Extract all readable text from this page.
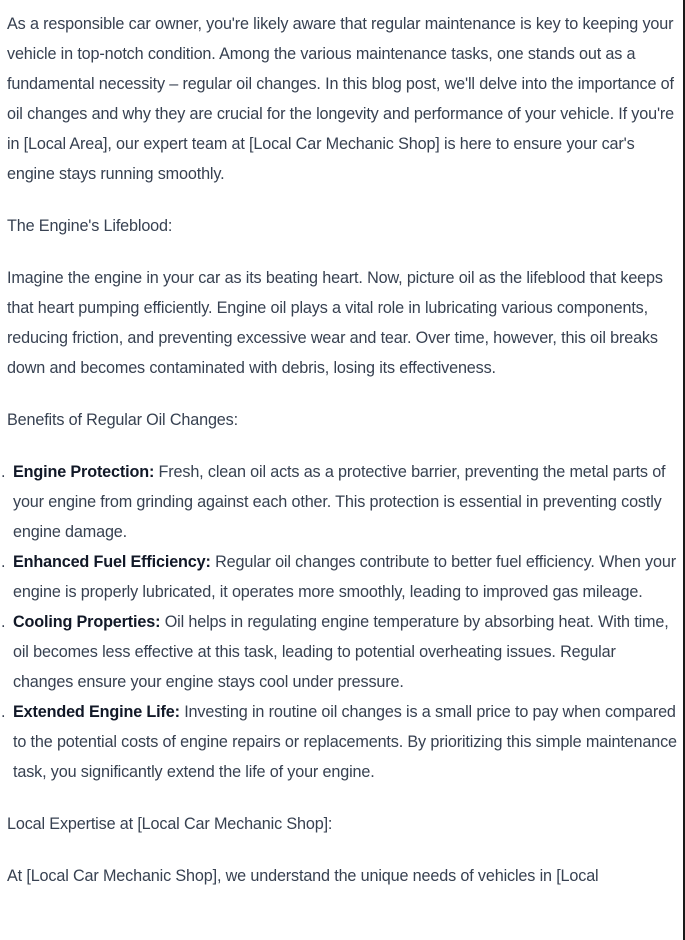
As a responsible car owner, you're likely aware that regular maintenance is key to keeping your vehicle in top-notch condition. Among the various maintenance tasks, one stands out as a fundamental necessity – regular oil changes. In this blog post, we'll delve into the importance of oil changes and why they are crucial for the longevity and performance of your vehicle. If you're in [Local Area], our expert team at [Local Car Mechanic Shop] is here to ensure your car's engine stays running smoothly.

The Engine's Lifeblood:

Imagine the engine in your car as its beating heart. Now, picture oil as the lifeblood that keeps that heart pumping efficiently. Engine oil plays a vital role in lubricating various components, reducing friction, and preventing excessive wear and tear. Over time, however, this oil breaks down and becomes contaminated with debris, losing its effectiveness.

Benefits of Regular Oil Changes:
. Engine Protection: Fresh, clean oil acts as a protective barrier, preventing the metal parts of your engine from grinding against each other. This protection is essential in preventing costly engine damage.
. Enhanced Fuel Efficiency: Regular oil changes contribute to better fuel efficiency. When your engine is properly lubricated, it operates more smoothly, leading to improved gas mileage.
. Cooling Properties: Oil helps in regulating engine temperature by absorbing heat. With time, oil becomes less effective at this task, leading to potential overheating issues. Regular changes ensure your engine stays cool under pressure.
. Extended Engine Life: Investing in routine oil changes is a small price to pay when compared to the potential costs of engine repairs or replacements. By prioritizing this simple maintenance task, you significantly extend the life of your engine.
Local Expertise at [Local Car Mechanic Shop]:

At [Local Car Mechanic Shop], we understand the unique needs of vehicles in [Local
